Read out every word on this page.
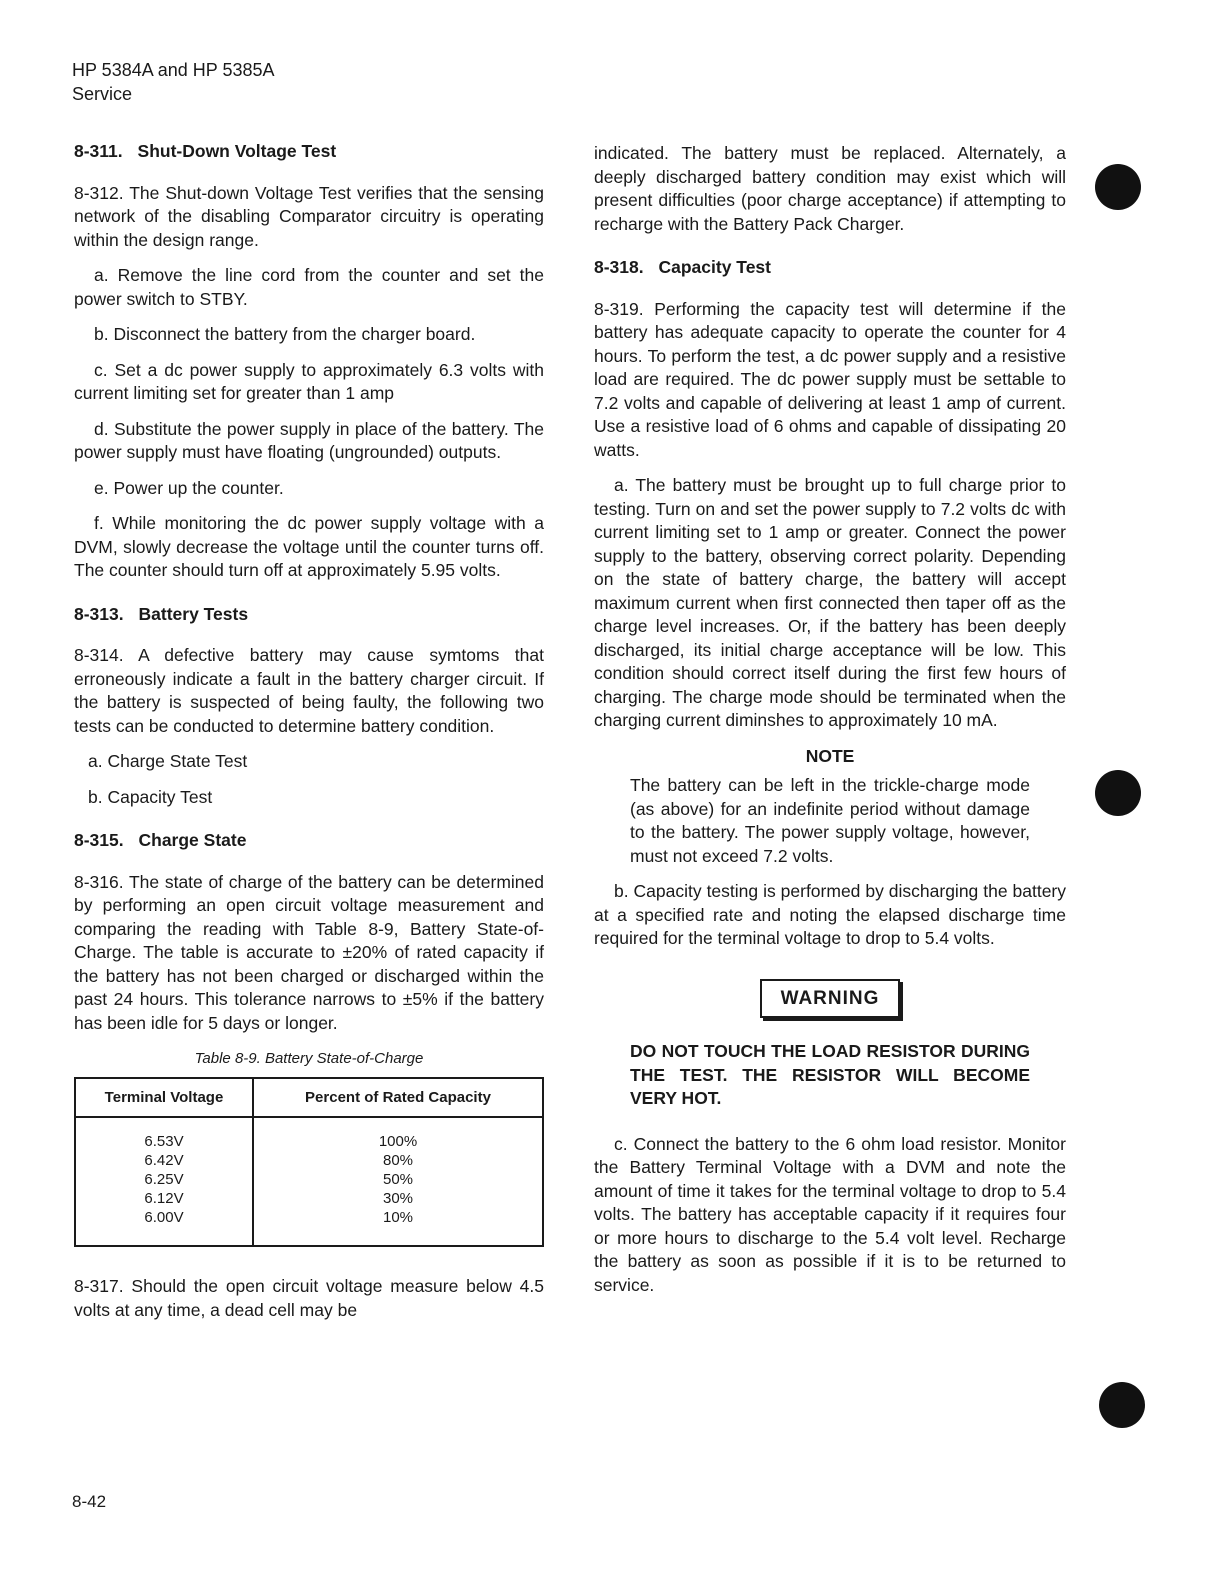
HP 5384A and HP 5385A
Service
8-311. Shut-Down Voltage Test

8-312. The Shut-down Voltage Test verifies that the sensing network of the disabling Comparator circuitry is operating within the design range.

a. Remove the line cord from the counter and set the power switch to STBY.

b. Disconnect the battery from the charger board.

c. Set a dc power supply to approximately 6.3 volts with current limiting set for greater than 1 amp

d. Substitute the power supply in place of the battery. The power supply must have floating (ungrounded) outputs.

e. Power up the counter.

f. While monitoring the dc power supply voltage with a DVM, slowly decrease the voltage until the counter turns off. The counter should turn off at approximately 5.95 volts.

8-313. Battery Tests

8-314. A defective battery may cause symtoms that erroneously indicate a fault in the battery charger circuit. If the battery is suspected of being faulty, the following two tests can be conducted to determine battery condition.

a. Charge State Test

b. Capacity Test

8-315. Charge State

8-316. The state of charge of the battery can be determined by performing an open circuit voltage measurement and comparing the reading with Table 8-9, Battery State-of-Charge. The table is accurate to ±20% of rated capacity if the battery has not been charged or discharged within the past 24 hours. This tolerance narrows to ±5% if the battery has been idle for 5 days or longer.

Table 8-9. Battery State-of-Charge
Terminal Voltage	Percent of Rated Capacity
6.53V	100%
6.42V	80%
6.25V	50%
6.12V	30%
6.00V	10%

8-317. Should the open circuit voltage measure below 4.5 volts at any time, a dead cell may be

indicated. The battery must be replaced. Alternately, a deeply discharged battery condition may exist which will present difficulties (poor charge acceptance) if attempting to recharge with the Battery Pack Charger.

8-318. Capacity Test

8-319. Performing the capacity test will determine if the battery has adequate capacity to operate the counter for 4 hours. To perform the test, a dc power supply and a resistive load are required. The dc power supply must be settable to 7.2 volts and capable of delivering at least 1 amp of current. Use a resistive load of 6 ohms and capable of dissipating 20 watts.

a. The battery must be brought up to full charge prior to testing. Turn on and set the power supply to 7.2 volts dc with current limiting set to 1 amp or greater. Connect the power supply to the battery, observing correct polarity. Depending on the state of battery charge, the battery will accept maximum current when first connected then taper off as the charge level increases. Or, if the battery has been deeply discharged, its initial charge acceptance will be low. This condition should correct itself during the first few hours of charging. The charge mode should be terminated when the charging current diminshes to approximately 10 mA.

NOTE
The battery can be left in the trickle-charge mode (as above) for an indefinite period without damage to the battery. The power supply voltage, however, must not exceed 7.2 volts.

b. Capacity testing is performed by discharging the battery at a specified rate and noting the elapsed discharge time required for the terminal voltage to drop to 5.4 volts.

WARNING
DO NOT TOUCH THE LOAD RESISTOR DURING THE TEST. THE RESISTOR WILL BECOME VERY HOT.

c. Connect the battery to the 6 ohm load resistor. Monitor the Battery Terminal Voltage with a DVM and note the amount of time it takes for the terminal voltage to drop to 5.4 volts. The battery has acceptable capacity if it requires four or more hours to discharge to the 5.4 volt level. Recharge the battery as soon as possible if it is to be returned to service.

8-42
